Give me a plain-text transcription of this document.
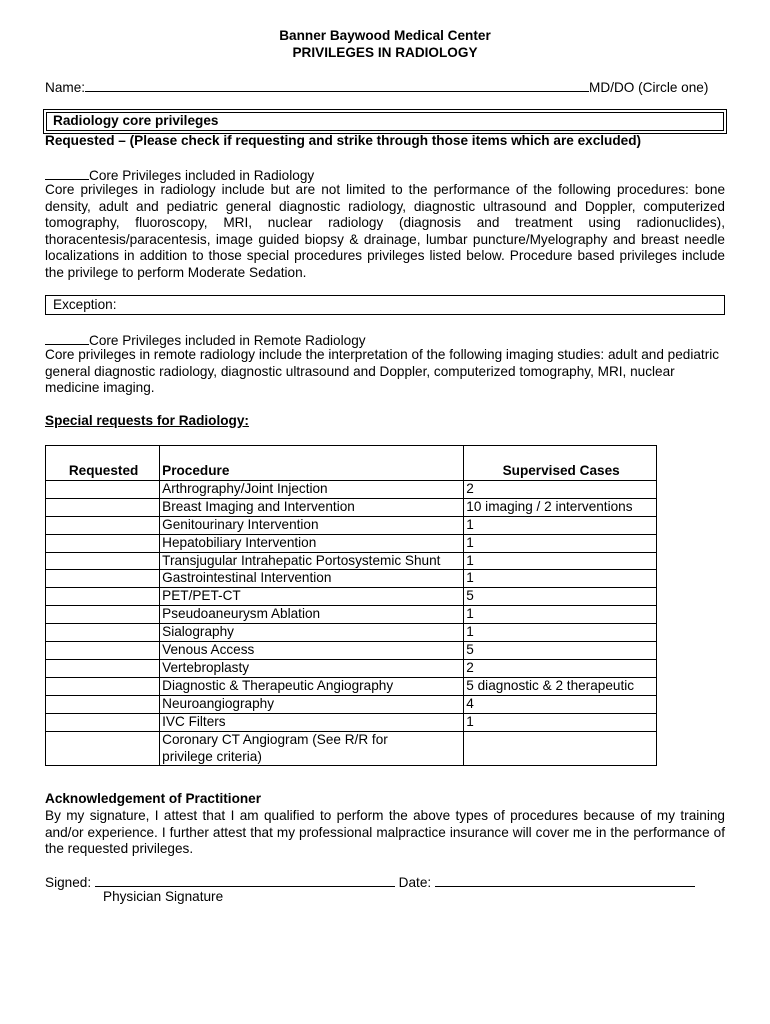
Banner Baywood Medical Center
PRIVILEGES IN RADIOLOGY
Name:	MD/DO (Circle one)
Radiology core privileges
Requested – (Please check if requesting and strike through those items which are excluded)
Core Privileges included in Radiology
Core privileges in radiology include but are not limited to the performance of the following procedures: bone density, adult and pediatric general diagnostic radiology, diagnostic ultrasound and Doppler, computerized tomography, fluoroscopy, MRI, nuclear radiology (diagnosis and treatment using radionuclides), thoracentesis/paracentesis, image guided biopsy & drainage, lumbar puncture/Myelography and breast needle localizations in addition to those special procedures privileges listed below. Procedure based privileges include the privilege to perform Moderate Sedation.
Exception:
Core Privileges included in Remote Radiology
Core privileges in remote radiology include the interpretation of the following imaging studies: adult and pediatric general diagnostic radiology, diagnostic ultrasound and Doppler, computerized tomography, MRI, nuclear medicine imaging.
Special requests for Radiology:
Requested	Procedure	Supervised Cases
	Arthrography/Joint Injection	2
	Breast Imaging and Intervention	10 imaging / 2 interventions
	Genitourinary Intervention	1
	Hepatobiliary Intervention	1
	Transjugular Intrahepatic Portosystemic Shunt	1
	Gastrointestinal Intervention	1
	PET/PET-CT	5
	Pseudoaneurysm Ablation	1
	Sialography	1
	Venous Access	5
	Vertebroplasty	2
	Diagnostic & Therapeutic Angiography	5 diagnostic & 2 therapeutic
	Neuroangiography	4
	IVC Filters	1
	Coronary CT Angiogram (See R/R for privilege criteria)	
Acknowledgement of Practitioner
By my signature, I attest that I am qualified to perform the above types of procedures because of my training and/or experience. I further attest that my professional malpractice insurance will cover me in the performance of the requested privileges.
Signed:	Date:
Physician Signature
